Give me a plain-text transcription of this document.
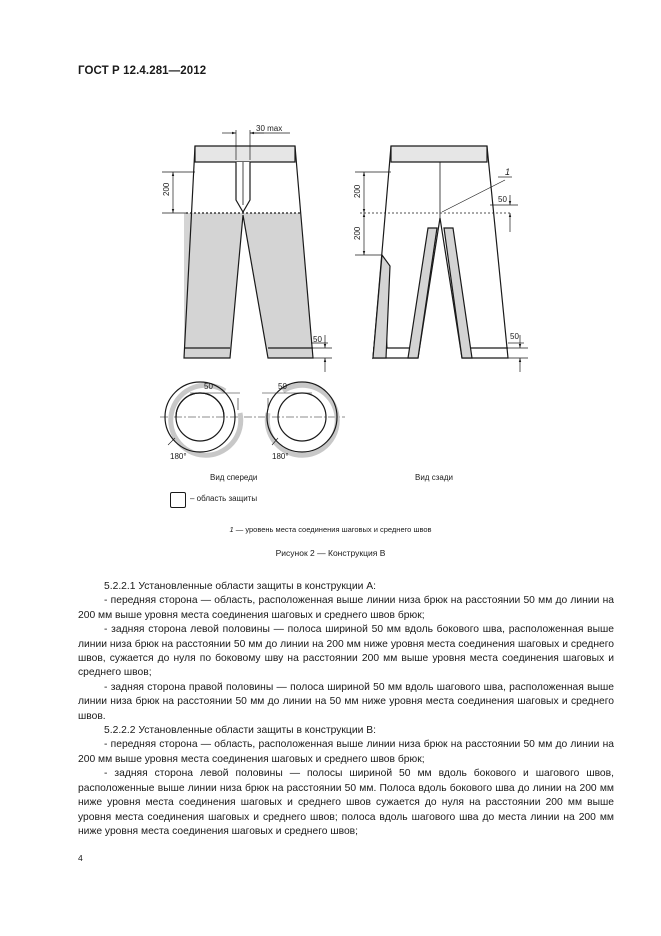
ГОСТ Р 12.4.281—2012
30 max
200
50
200
200
50
50
1
50	50
180°	180°
Вид спереди	Вид сзади
– область защиты
1 — уровень места соединения шаговых и среднего швов
Рисунок 2 — Конструкция В

5.2.2.1 Установленные области защиты в конструкции А:

- передняя сторона — область, расположенная выше линии низа брюк на расстоянии 50 мм до линии на 200 мм выше уровня места соединения шаговых и среднего швов брюк;

- задняя сторона левой половины — полоса шириной 50 мм вдоль бокового шва, расположенная выше линии низа брюк на расстоянии 50 мм до линии на 200 мм ниже уровня места соединения шаговых и среднего швов, сужается до нуля по боковому шву на расстоянии 200 мм выше уровня места соединения шаговых и среднего швов;

- задняя сторона правой половины — полоса шириной 50 мм вдоль шагового шва, расположенная выше линии низа брюк на расстоянии 50 мм до линии на 50 мм ниже уровня места соединения шаговых и среднего швов.

5.2.2.2 Установленные области защиты в конструкции В:

- передняя сторона — область, расположенная выше линии низа брюк на расстоянии 50 мм до линии на 200 мм выше уровня места соединения шаговых и среднего швов брюк;

- задняя сторона левой половины — полосы шириной 50 мм вдоль бокового и шагового швов, расположенные выше линии низа брюк на расстоянии 50 мм. Полоса вдоль бокового шва до линии на 200 мм ниже уровня места соединения шаговых и среднего швов сужается до нуля на расстоянии 200 мм выше уровня места соединения шаговых и среднего швов; полоса вдоль шагового шва до места линии на 200 мм ниже уровня места соединения шаговых и среднего швов;

4
